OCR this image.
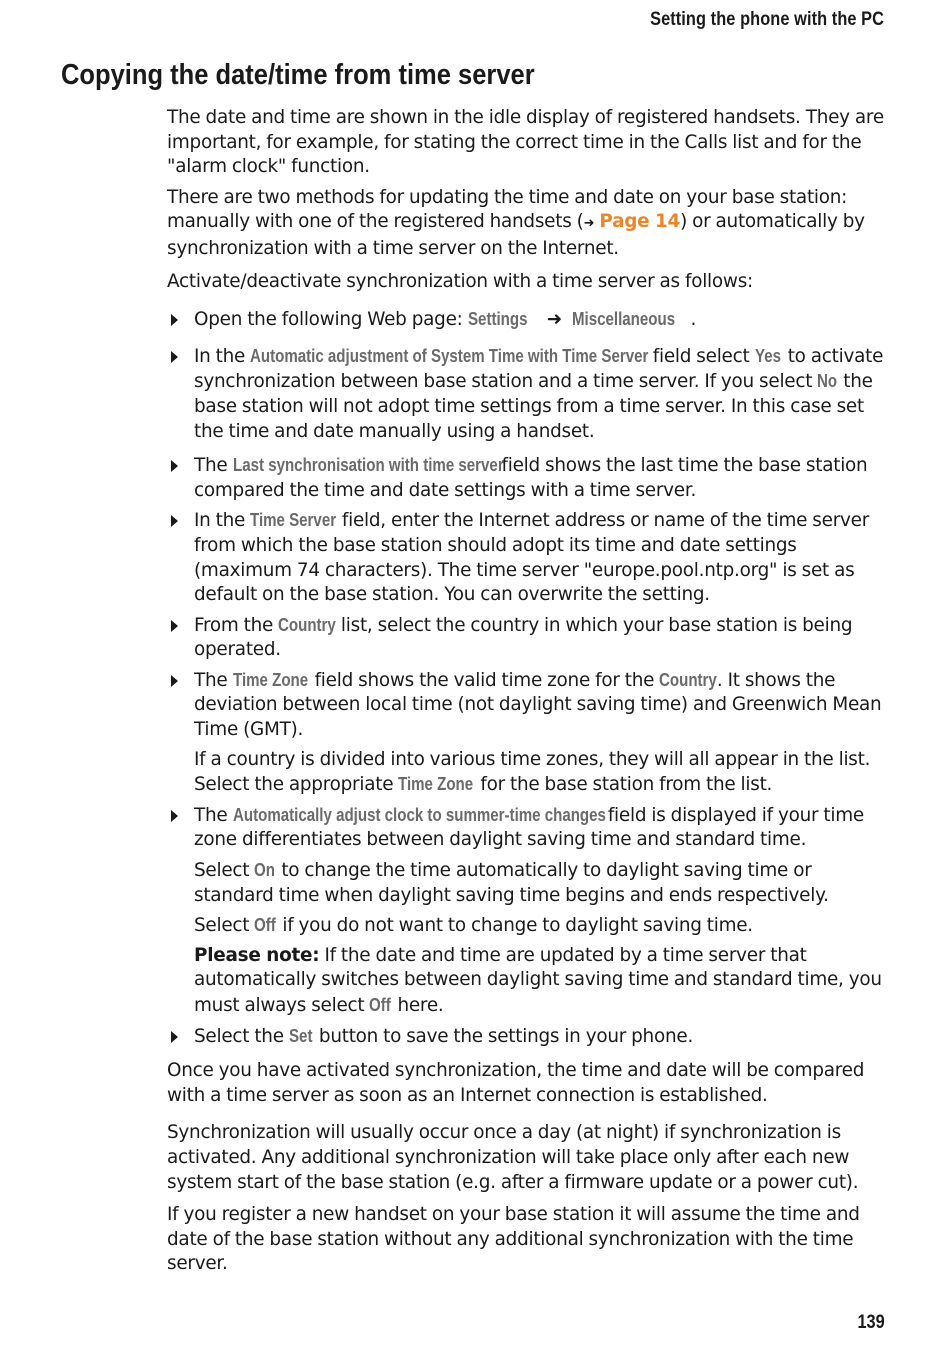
Setting the phone with the PC
Copying the date/time from time server

The date and time are shown in the idle display of registered handsets. They are important, for example, for stating the correct time in the Calls list and for the "alarm clock" function.

There are two methods for updating the time and date on your base station: manually with one of the registered handsets (➜ Page 14) or automatically by synchronization with a time server on the Internet.

Activate/deactivate synchronization with a time server as follows:

Open the following Web page: Settings ➜ Miscellaneous .

In the Automatic adjustment of System Time with Time Server field select Yes to activate synchronization between base station and a time server. If you select No the base station will not adopt time settings from a time server. In this case set the time and date manually using a handset.

The Last synchronisation with time server field shows the last time the base station compared the time and date settings with a time server.

In the Time Server field, enter the Internet address or name of the time server from which the base station should adopt its time and date settings (maximum 74 characters). The time server "europe.pool.ntp.org" is set as default on the base station. You can overwrite the setting.

From the Country list, select the country in which your base station is being operated.

The Time Zone field shows the valid time zone for the Country. It shows the deviation between local time (not daylight saving time) and Greenwich Mean Time (GMT).

If a country is divided into various time zones, they will all appear in the list. Select the appropriate Time Zone for the base station from the list.

The Automatically adjust clock to summer-time changes field is displayed if your time zone differentiates between daylight saving time and standard time.

Select On to change the time automatically to daylight saving time or standard time when daylight saving time begins and ends respectively.

Select Off if you do not want to change to daylight saving time.

Please note: If the date and time are updated by a time server that automatically switches between daylight saving time and standard time, you must always select Off here.

Select the Set button to save the settings in your phone.

Once you have activated synchronization, the time and date will be compared with a time server as soon as an Internet connection is established.

Synchronization will usually occur once a day (at night) if synchronization is activated. Any additional synchronization will take place only after each new system start of the base station (e.g. after a firmware update or a power cut).

If you register a new handset on your base station it will assume the time and date of the base station without any additional synchronization with the time server.

139
